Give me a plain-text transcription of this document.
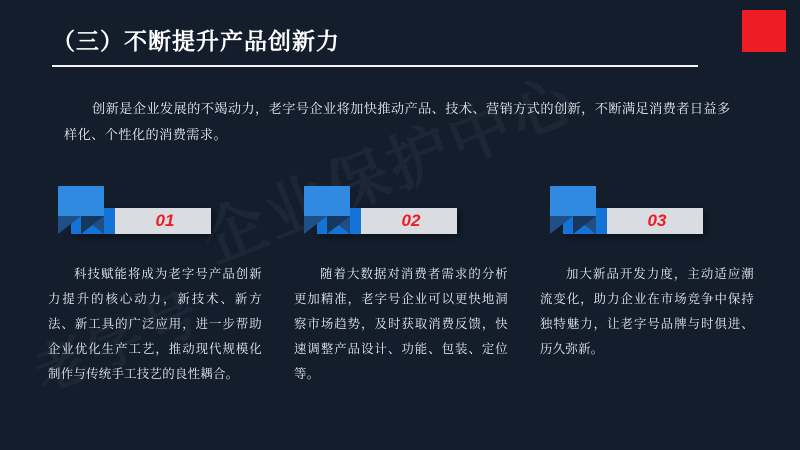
（三）不断提升产品创新力
创新是企业发展的不竭动力，老字号企业将加快推动产品、技术、营销方式的创新，不断满足消费者日益多样化、个性化的消费需求。
01
科技赋能将成为老字号产品创新力提升的核心动力，新技术、新方法、新工具的广泛应用，进一步帮助企业优化生产工艺，推动现代规模化制作与传统手工技艺的良性耦合。
02
随着大数据对消费者需求的分析更加精准，老字号企业可以更快地洞察市场趋势，及时获取消费反馈，快速调整产品设计、功能、包装、定位等。
03
加大新品开发力度，主动适应潮流变化，助力企业在市场竞争中保持独特魅力，让老字号品牌与时俱进、历久弥新。
